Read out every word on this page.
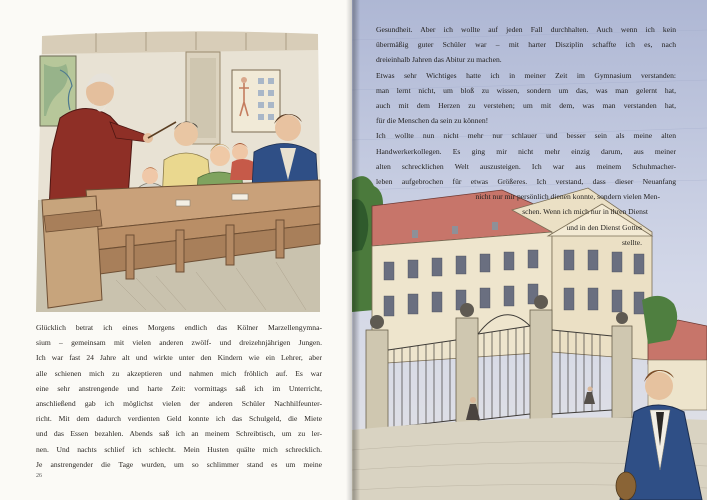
Glücklich betrat ich eines Morgens endlich das Kölner Marzellengymna-
sium – gemeinsam mit vielen anderen zwölf- und dreizehnjährigen Jungen.
Ich war fast 24 Jahre alt und wirkte unter den Kindern wie ein Lehrer, aber
alle schienen mich zu akzeptieren und nahmen mich fröhlich auf. Es war
eine sehr anstrengende und harte Zeit: vormittags saß ich im Unterricht,
anschließend gab ich möglichst vielen der anderen Schüler Nachhilfeunter-
richt. Mit dem dadurch verdienten Geld konnte ich das Schulgeld, die Miete
und das Essen bezahlen. Abends saß ich an meinem Schreibtisch, um zu ler-
nen. Und nachts schlief ich schlecht. Mein Husten quälte mich schrecklich.
Je anstrengender die Tage wurden, um so schlimmer stand es um meine
26
Gesundheit. Aber ich wollte auf jeden Fall durchhalten. Auch wenn ich kein
übermäßig guter Schüler war – mit harter Disziplin schaffte ich es, nach
dreieinhalb Jahren das Abitur zu machen.
Etwas sehr Wichtiges hatte ich in meiner Zeit im Gymnasium verstanden:
man lernt nicht, um bloß zu wissen, sondern um das, was man gelernt hat,
auch mit dem Herzen zu verstehen; um mit dem, was man verstanden hat,
für die Menschen da sein zu können!
Ich wollte nun nicht mehr nur schlauer und besser sein als meine alten
Handwerkerkollegen. Es ging mir nicht mehr einzig darum, aus meiner
alten schrecklichen Welt auszusteigen. Ich war aus meinem Schuhmacher-
leben aufgebrochen für etwas Größeres. Ich verstand, dass dieser Neuanfang
nicht nur mir persönlich dienen konnte, sondern vielen Men-
schen. Wenn ich mich nur in ihren Dienst
und in den Dienst Gottes
stellte.
